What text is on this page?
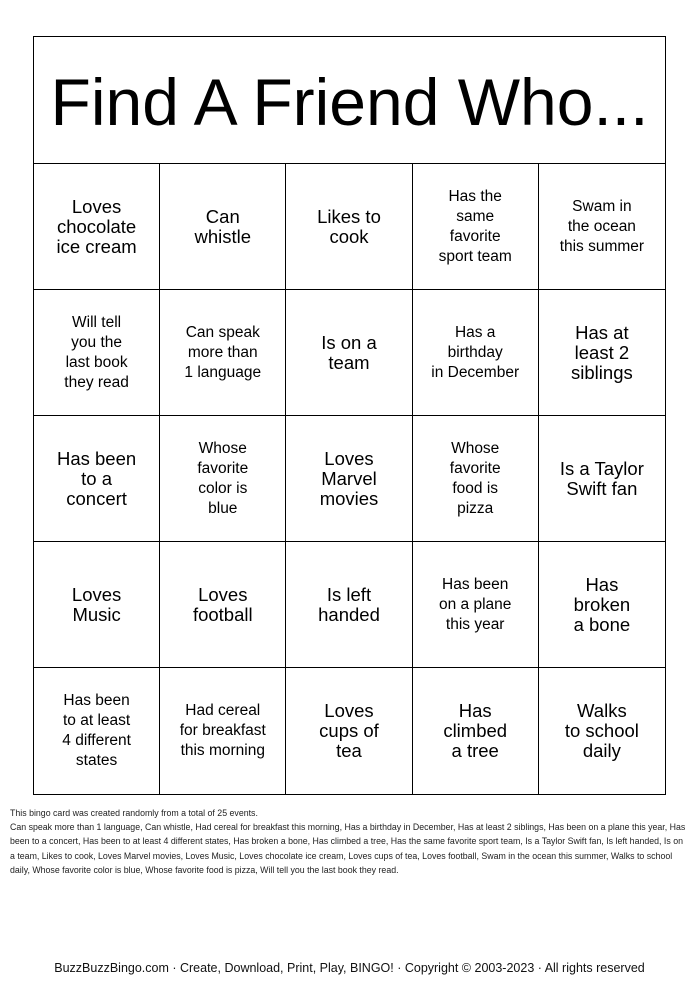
Find A Friend Who...
Loves
chocolate
ice cream
Can
whistle
Likes to
cook
Has the
same
favorite
sport team
Swam in
the ocean
this summer
Will tell
you the
last book
they read
Can speak
more than
1 language
Is on a
team
Has a
birthday
in December
Has at
least 2
siblings
Has been
to a
concert
Whose
favorite
color is
blue
Loves
Marvel
movies
Whose
favorite
food is
pizza
Is a Taylor
Swift fan
Loves
Music
Loves
football
Is left
handed
Has been
on a plane
this year
Has
broken
a bone
Has been
to at least
4 different
states
Had cereal
for breakfast
this morning
Loves
cups of
tea
Has
climbed
a tree
Walks
to school
daily

This bingo card was created randomly from a total of 25 events.

Can speak more than 1 language, Can whistle, Had cereal for breakfast this morning, Has a birthday in December, Has at least 2 siblings, Has been on a plane this year, Has been to a concert, Has been to at least 4 different states, Has broken a bone, Has climbed a tree, Has the same favorite sport team, Is a Taylor Swift fan, Is left handed, Is on a team, Likes to cook, Loves Marvel movies, Loves Music, Loves chocolate ice cream, Loves cups of tea, Loves football, Swam in the ocean this summer, Walks to school daily, Whose favorite color is blue, Whose favorite food is pizza, Will tell you the last book they read.

BuzzBuzzBingo.com · Create, Download, Print, Play, BINGO! · Copyright © 2003-2023 · All rights reserved
